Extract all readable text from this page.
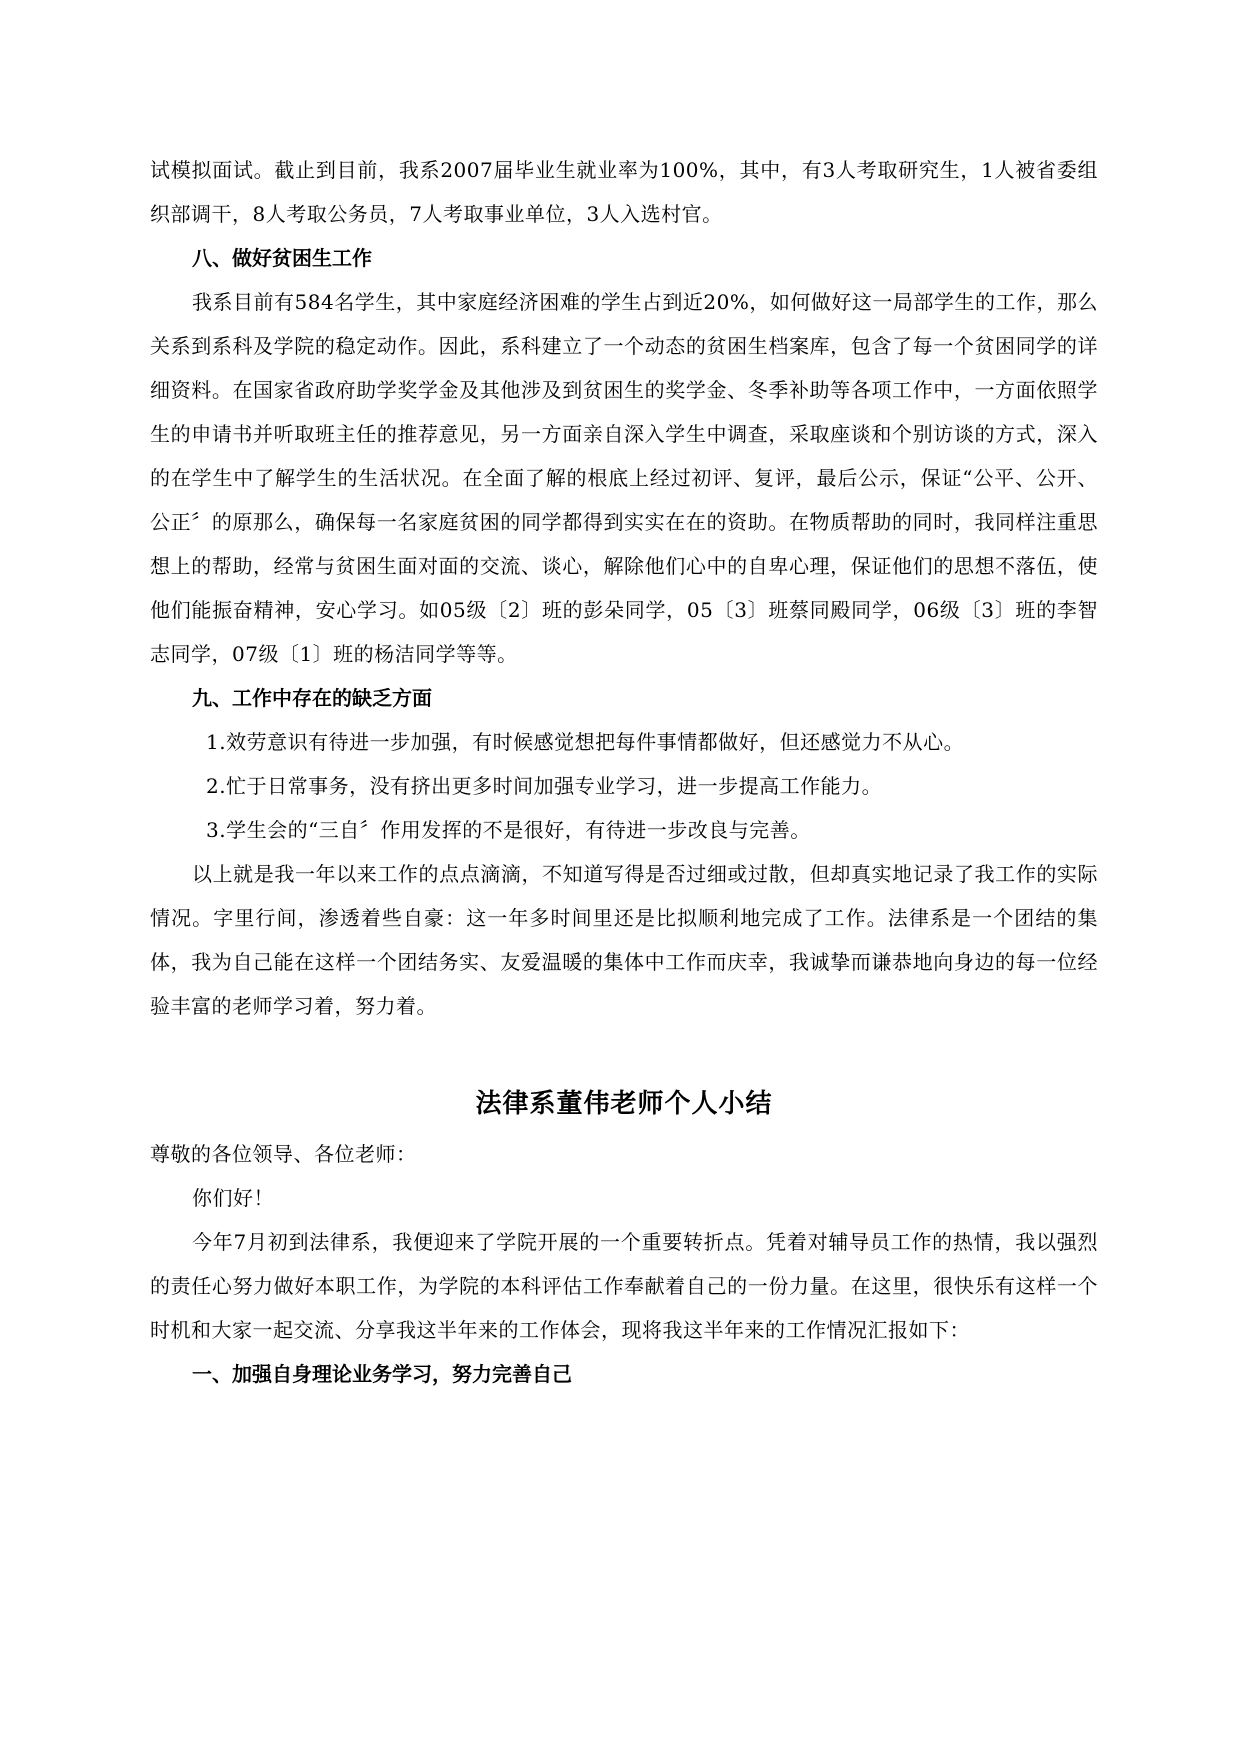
试模拟面试。截止到目前，我系2007届毕业生就业率为100%，其中，有3人考取研究生，1人被省委组织部调干，8人考取公务员，7人考取事业单位，3人入选村官。

八、做好贫困生工作

我系目前有584名学生，其中家庭经济困难的学生占到近20%，如何做好这一局部学生的工作，那么关系到系科及学院的稳定动作。因此，系科建立了一个动态的贫困生档案库，包含了每一个贫困同学的详细资料。在国家省政府助学奖学金及其他涉及到贫困生的奖学金、冬季补助等各项工作中，一方面依照学生的申请书并听取班主任的推荐意见，另一方面亲自深入学生中调查，采取座谈和个别访谈的方式，深入的在学生中了解学生的生活状况。在全面了解的根底上经过初评、复评，最后公示，保证“公平、公开、公正〞的原那么，确保每一名家庭贫困的同学都得到实实在在的资助。在物质帮助的同时，我同样注重思想上的帮助，经常与贫困生面对面的交流、谈心，解除他们心中的自卑心理，保证他们的思想不落伍，使他们能振奋精神，安心学习。如05级〔2〕班的彭朵同学，05〔3〕班蔡同殿同学，06级〔3〕班的李智志同学，07级〔1〕班的杨洁同学等等。

九、工作中存在的缺乏方面

1.效劳意识有待进一步加强，有时候感觉想把每件事情都做好，但还感觉力不从心。

2.忙于日常事务，没有挤出更多时间加强专业学习，进一步提高工作能力。

3.学生会的“三自〞作用发挥的不是很好，有待进一步改良与完善。

以上就是我一年以来工作的点点滴滴，不知道写得是否过细或过散，但却真实地记录了我工作的实际情况。字里行间，渗透着些自豪：这一年多时间里还是比拟顺利地完成了工作。法律系是一个团结的集体，我为自己能在这样一个团结务实、友爱温暖的集体中工作而庆幸，我诚挚而谦恭地向身边的每一位经验丰富的老师学习着，努力着。

法律系董伟老师个人小结

尊敬的各位领导、各位老师：

你们好！

今年7月初到法律系，我便迎来了学院开展的一个重要转折点。凭着对辅导员工作的热情，我以强烈的责任心努力做好本职工作，为学院的本科评估工作奉献着自己的一份力量。在这里，很快乐有这样一个时机和大家一起交流、分享我这半年来的工作体会，现将我这半年来的工作情况汇报如下：

一、加强自身理论业务学习，努力完善自己
